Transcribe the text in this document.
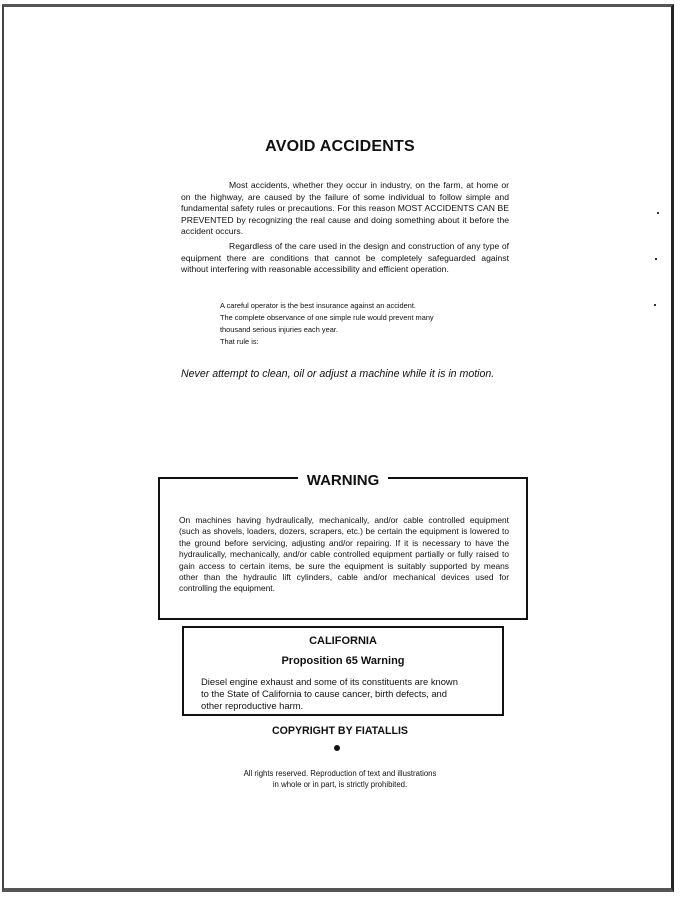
AVOID ACCIDENTS
Most accidents, whether they occur in industry, on the farm, at home or on the highway, are caused by the failure of some individual to follow simple and fundamental safety rules or precautions. For this reason MOST ACCIDENTS CAN BE PREVENTED by recognizing the real cause and doing something about it before the accident occurs.
Regardless of the care used in the design and construction of any type of equipment there are conditions that cannot be completely safeguarded against without interfering with reasonable accessibility and efficient operation.
A careful operator is the best insurance against an accident.
The complete observance of one simple rule would prevent many
thousand serious injuries each year.
That rule is:
Never attempt to clean, oil or adjust a machine while it is in motion.
WARNING
On machines having hydraulically, mechanically, and/or cable controlled equipment (such as shovels, loaders, dozers, scrapers, etc.) be certain the equipment is lowered to the ground before servicing, adjusting and/or repairing. If it is necessary to have the hydraulically, mechanically, and/or cable controlled equipment partially or fully raised to gain access to certain items, be sure the equipment is suitably supported by means other than the hydraulic lift cylinders, cable and/or mechanical devices used for controlling the equipment.
CALIFORNIA
Proposition 65 Warning
Diesel engine exhaust and some of its constituents are known
to the State of California to cause cancer, birth defects, and
other reproductive harm.
COPYRIGHT BY FIATALLIS
All rights reserved. Reproduction of text and illustrations
in whole or in part, is strictly prohibited.
